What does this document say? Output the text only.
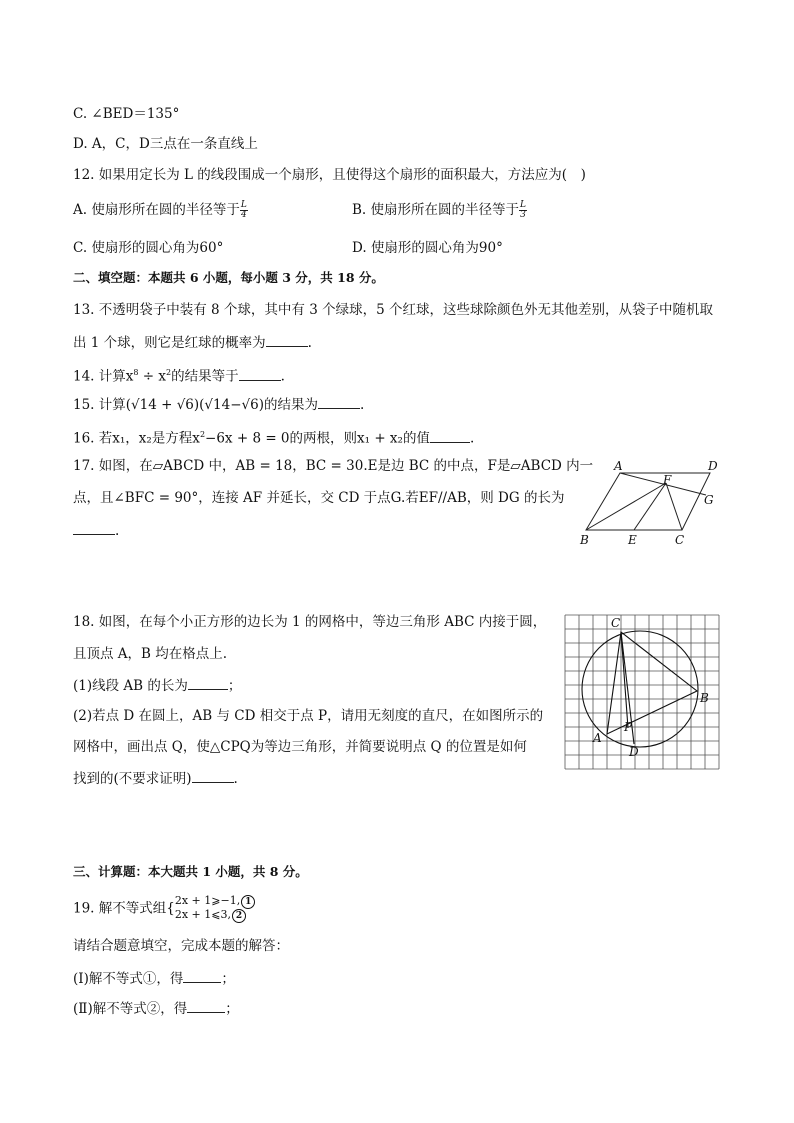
C. ∠BED＝135°
D. A，C，D三点在一条直线上
12. 如果用定长为 L 的线段围成一个扇形，且使得这个扇形的面积最大，方法应为(　)
A. 使扇形所在圆的半径等于 $\frac{L}{4}$	B. 使扇形所在圆的半径等于 $\frac{L}{3}$
C. 使扇形的圆心角为60°	D. 使扇形的圆心角为90°
二、填空题：本题共 6 小题，每小题 3 分，共 18 分。
13. 不透明袋子中装有 8 个球，其中有 3 个绿球，5 个红球，这些球除颜色外无其他差别，从袋子中随机取
出 1 个球，则它是红球的概率为	.
14. 计算$x^8 \div x^2$的结果等于	.
15. 计算(√14 + √6)(√14−√6)的结果为	.
16. 若x₁，x₂是方程$x^2-6x + 8 = 0$的两根，则x₁ + x₂的值	.
17. 如图，在▱ABCD 中，AB = 18，BC = 30.E是边 BC 的中点，F是▱ABCD 内一
点，且∠BFC = 90°，连接 AF 并延长，交 CD 于点G.若EF//AB，则 DG 的长为
.
A	D
F
G
B	E	C
18. 如图，在每个小正方形的边长为 1 的网格中，等边三角形 ABC 内接于圆，
且顶点 A，B 均在格点上.
(1)线段 AB 的长为	；
(2)若点 D 在圆上，AB 与 CD 相交于点 P，请用无刻度的直尺，在如图所示的
网格中，画出点 Q，使△CPQ为等边三角形，并简要说明点 Q 的位置是如何
找到的(不要求证明)	.
C
B
A
P
D
三、计算题：本大题共 1 小题，共 8 分。
19. 解不等式组{ 2x + 1⩾−1, 1
2x + 1⩽3, 2
请结合题意填空，完成本题的解答：
(Ⅰ)解不等式①，得	；
(Ⅱ)解不等式②，得	；
